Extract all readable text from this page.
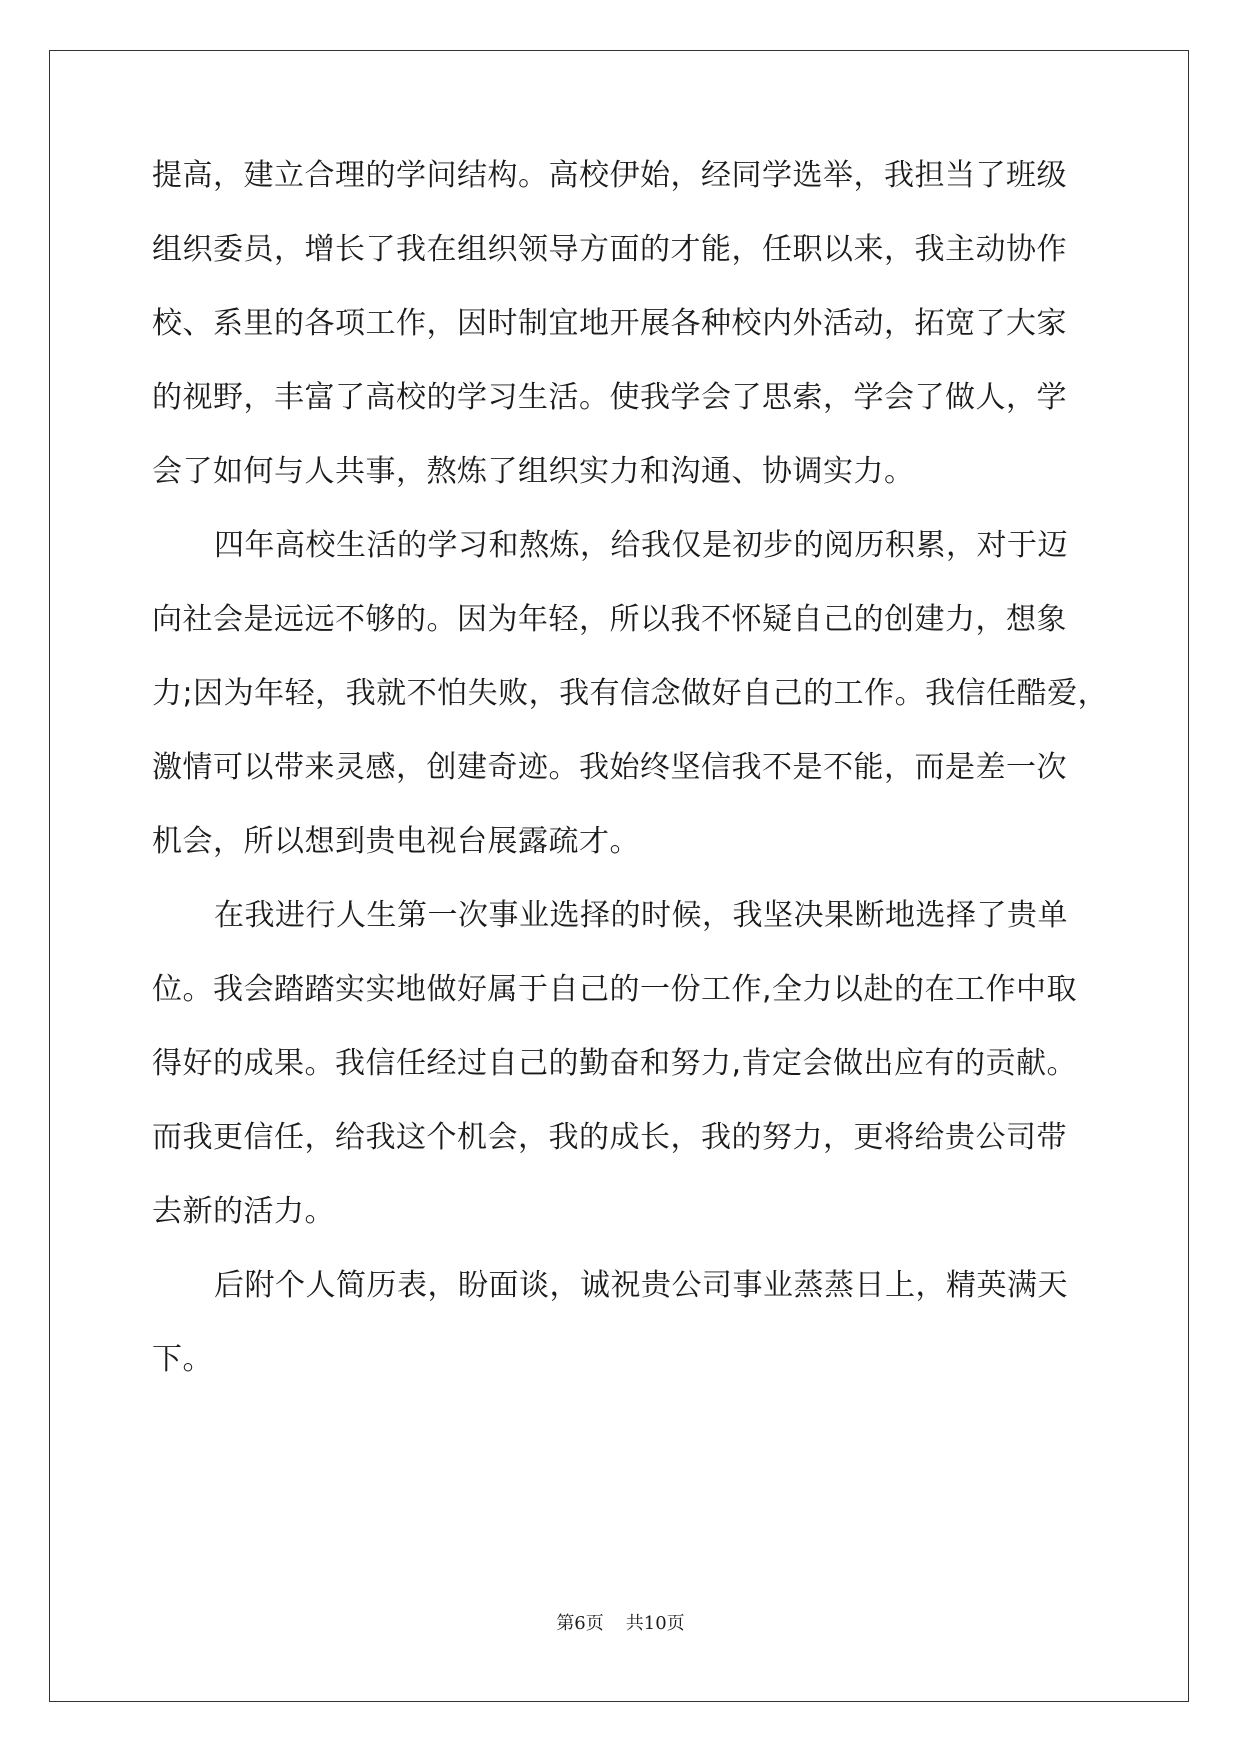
提高，建立合理的学问结构。高校伊始，经同学选举，我担当了班级
组织委员，增长了我在组织领导方面的才能，任职以来，我主动协作
校、系里的各项工作，因时制宜地开展各种校内外活动，拓宽了大家
的视野，丰富了高校的学习生活。使我学会了思索，学会了做人，学
会了如何与人共事，熬炼了组织实力和沟通、协调实力。
四年高校生活的学习和熬炼，给我仅是初步的阅历积累，对于迈
向社会是远远不够的。因为年轻，所以我不怀疑自己的创建力，想象
力;因为年轻，我就不怕失败，我有信念做好自己的工作。我信任酷爱，
激情可以带来灵感，创建奇迹。我始终坚信我不是不能，而是差一次
机会，所以想到贵电视台展露疏才。
在我进行人生第一次事业选择的时候，我坚决果断地选择了贵单
位。我会踏踏实实地做好属于自己的一份工作,全力以赴的在工作中取
得好的成果。我信任经过自己的勤奋和努力,肯定会做出应有的贡献。
而我更信任，给我这个机会，我的成长，我的努力，更将给贵公司带
去新的活力。
后附个人简历表，盼面谈，诚祝贵公司事业蒸蒸日上，精英满天
下。
第6页 共10页
